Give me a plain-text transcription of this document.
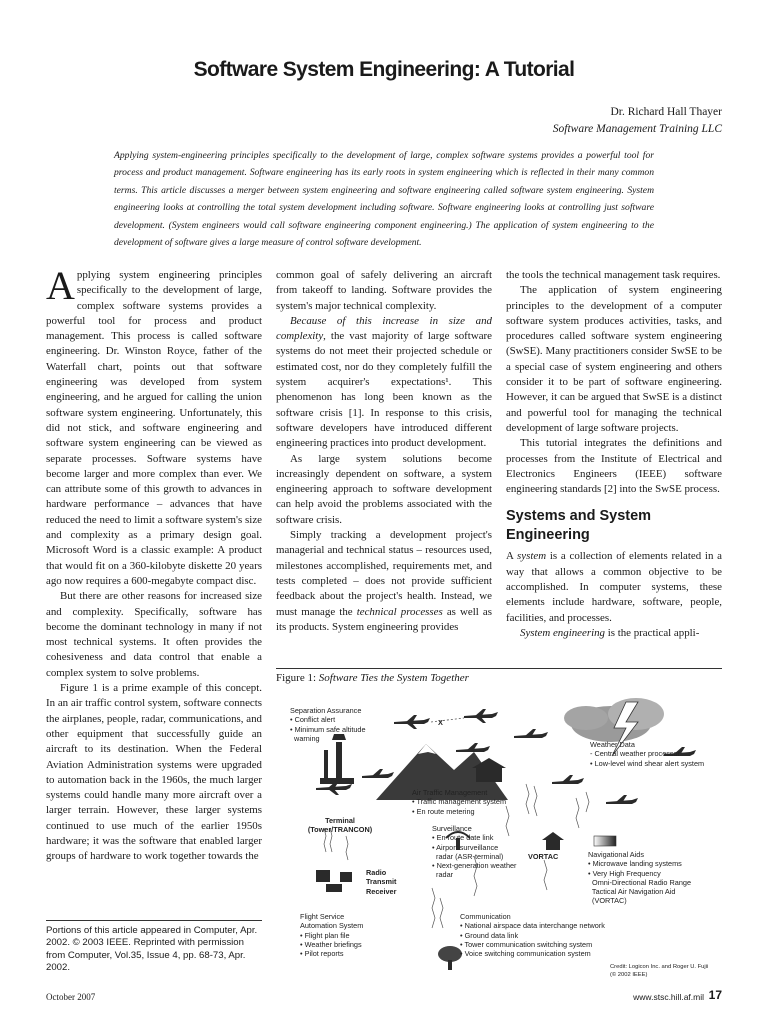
Software System Engineering: A Tutorial
Dr. Richard Hall Thayer
Software Management Training LLC

Applying system-engineering principles specifically to the development of large, complex software systems provides a powerful tool for process and product management. Software engineering has its early roots in system engineering which is reflected in their many common terms. This article discusses a merger between system engineering and software engineering called software system engineering. System engineering looks at controlling the total system development including software. Software engineering looks at controlling just software development. (System engineers would call software engineering component engineering.) The application of system engineering to the development of software gives a large measure of control software development.

Applying system engineering principles specifically to the development of large, complex software systems provides a powerful tool for process and product management. This process is called software engineering. Dr. Winston Royce, father of the Waterfall chart, points out that software engineering was developed from system engineering, and he argued for calling the union software system engineering. Unfortunately, this did not stick, and software engineering and software system engineering can be viewed as separate processes. Software systems have become larger and more complex than ever. We can attribute some of this growth to advances in hardware performance – advances that have reduced the need to limit a software system's size and complexity as a primary design goal. Microsoft Word is a classic example: A product that would fit on a 360-kilobyte diskette 20 years ago now requires a 600-megabyte compact disc.

But there are other reasons for increased size and complexity. Specifically, software has become the dominant technology in many if not most technical systems. It often provides the cohesiveness and data control that enable a complex system to solve problems.

Figure 1 is a prime example of this concept. In an air traffic control system, software connects the airplanes, people, radar, communications, and other equipment that successfully guide an aircraft to its destination. When the Federal Aviation Administration systems were upgraded to automation back in the 1960s, the much larger systems could handle many more aircraft over a larger terrain. However, these larger systems continued to use much of the earlier 1950s hardware; it was the software that enabled larger groups of hardware to work together towards the

common goal of safely delivering an aircraft from takeoff to landing. Software provides the system's major technical complexity.

Because of this increase in size and complexity, the vast majority of large software systems do not meet their projected schedule or estimated cost, nor do they completely fulfill the system acquirer's expectations¹. This phenomenon has long been known as the software crisis [1]. In response to this crisis, software developers have introduced different engineering practices into product development.

As large system solutions become increasingly dependent on software, a system engineering approach to software development can help avoid the problems associated with the software crisis.

Simply tracking a development project's managerial and technical status – resources used, milestones accomplished, requirements met, and tests completed – does not provide sufficient feedback about the project's health. Instead, we must manage the technical processes as well as its products. System engineering provides

the tools the technical management task requires.

The application of system engineering principles to the development of a computer software system produces activities, tasks, and procedures called software system engineering (SwSE). Many practitioners consider SwSE to be a special case of system engineering and others consider it to be part of software engineering. However, it can be argued that SwSE is a distinct and powerful tool for managing the technical development of large software projects.

This tutorial integrates the definitions and processes from the Institute of Electrical and Electronics Engineers (IEEE) software engineering standards [2] into the SwSE process.

Systems and System Engineering

A system is a collection of elements related in a way that allows a common objective to be accomplished. In computer systems, these elements include hardware, software, people, facilities, and processes.

System engineering is the practical appli-

Portions of this article appeared in Computer, Apr. 2002. © 2003 IEEE. Reprinted with permission from Computer, Vol.35, Issue 4, pp. 68-73, Apr. 2002.
Figure 1: Software Ties the System Together
Separation Assurance
• Conflict alert
• Minimum safe altitude
warning
X
Weather Data
- Central weather processor
• Low-level wind shear alert system
Air Traffic Management
• Traffic management system
• En route metering
Terminal
(Tower/TRANCON)	Surveillance
• En route date link
• Airport surveillance
radar (ASR-terminal)
• Next-generation weather
radar
VORTAC	Navigational Aids
• Microwave landing systems
• Very High Frequency
Omni-Directional Radio Range
Tactical Air Navigation Aid
(VORTAC)
Radio
Transmit
Receiver
Flight Service
Automation System
• Flight plan file
• Weather briefings
• Pilot reports
Communication
• National airspace data interchange network
• Ground data link
• Tower communication switching system
• Voice switching communication system
Credit: Logicon Inc. and Roger U. Fujii
(© 2002 IEEE)
October 2007	www.stsc.hill.af.mil 17
